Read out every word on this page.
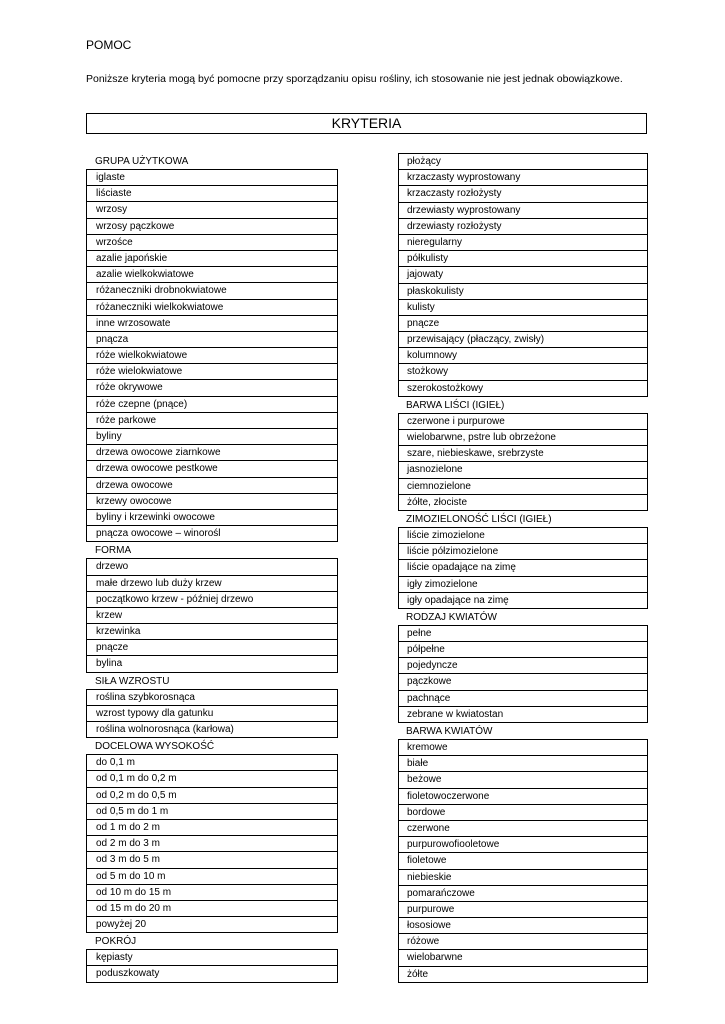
POMOC
Poniższe kryteria mogą być pomocne przy sporządzaniu opisu rośliny, ich stosowanie nie jest jednak obowiązkowe.
KRYTERIA
GRUPA UŻYTKOWA
iglaste
liściaste
wrzosy
wrzosy pączkowe
wrzośce
azalie japońskie
azalie wielkokwiatowe
różaneczniki drobnokwiatowe
różaneczniki wielkokwiatowe
inne wrzosowate
pnącza
róże wielkokwiatowe
róże wielokwiatowe
róże okrywowe
róże czepne (pnące)
róże parkowe
byliny
drzewa owocowe ziarnkowe
drzewa owocowe pestkowe
drzewa owocowe
krzewy owocowe
byliny i krzewinki owocowe
pnącza owocowe – winorośl
FORMA
drzewo
małe drzewo lub duży krzew
początkowo krzew - później drzewo
krzew
krzewinka
pnącze
bylina
SIŁA WZROSTU
roślina szybkorosnąca
wzrost typowy dla gatunku
roślina wolnorosnąca (karłowa)
DOCELOWA WYSOKOŚĆ
do 0,1 m
od 0,1 m do 0,2 m
od 0,2 m do 0,5 m
od 0,5 m do 1 m
od 1 m do 2 m
od 2 m do 3 m
od 3 m do 5 m
od 5 m do 10 m
od 10 m do 15 m
od 15 m do 20 m
powyżej 20
POKRÓJ
kępiasty
poduszkowaty
płożący
krzaczasty wyprostowany
krzaczasty rozłożysty
drzewiasty wyprostowany
drzewiasty rozłożysty
nieregularny
półkulisty
jajowaty
płaskokulisty
kulisty
pnącze
przewisający (płaczący, zwisły)
kolumnowy
stożkowy
szerokostożkowy
BARWA LIŚCI (IGIEŁ)
czerwone i purpurowe
wielobarwne, pstre lub obrzeżone
szare, niebieskawe, srebrzyste
jasnozielone
ciemnozielone
żółte, złociste
ZIMOZIELONOŚĆ LIŚCI (IGIEŁ)
liście zimozielone
liście półzimozielone
liście opadające na zimę
igły zimozielone
igły opadające na zimę
RODZAJ KWIATÓW
pełne
półpełne
pojedyncze
pączkowe
pachnące
zebrane w kwiatostan
BARWA KWIATÓW
kremowe
białe
beżowe
fioletowoczerwone
bordowe
czerwone
purpurowofiooletowe
fioletowe
niebieskie
pomarańczowe
purpurowe
łososiowe
różowe
wielobarwne
żółte
